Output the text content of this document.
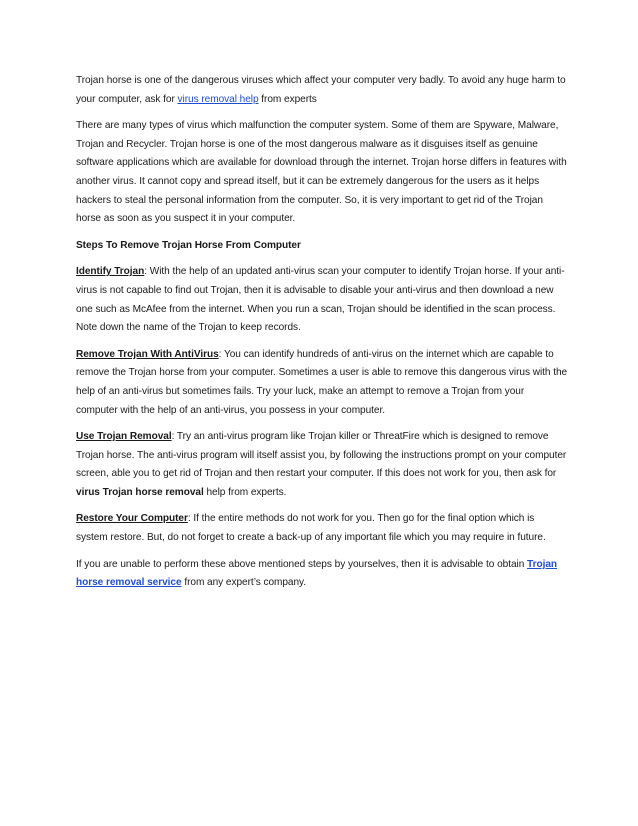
Trojan horse is one of the dangerous viruses which affect your computer very badly. To avoid any huge harm to your computer, ask for virus removal help from experts

There are many types of virus which malfunction the computer system. Some of them are Spyware, Malware, Trojan and Recycler. Trojan horse is one of the most dangerous malware as it disguises itself as genuine software applications which are available for download through the internet. Trojan horse differs in features with another virus. It cannot copy and spread itself, but it can be extremely dangerous for the users as it helps hackers to steal the personal information from the computer. So, it is very important to get rid of the Trojan horse as soon as you suspect it in your computer.

Steps To Remove Trojan Horse From Computer

Identify Trojan: With the help of an updated anti-virus scan your computer to identify Trojan horse. If your anti-virus is not capable to find out Trojan, then it is advisable to disable your anti-virus and then download a new one such as McAfee from the internet. When you run a scan, Trojan should be identified in the scan process. Note down the name of the Trojan to keep records.

Remove Trojan With AntiVirus: You can identify hundreds of anti-virus on the internet which are capable to remove the Trojan horse from your computer. Sometimes a user is able to remove this dangerous virus with the help of an anti-virus but sometimes fails. Try your luck, make an attempt to remove a Trojan from your computer with the help of an anti-virus, you possess in your computer.

Use Trojan Removal: Try an anti-virus program like Trojan killer or ThreatFire which is designed to remove Trojan horse. The anti-virus program will itself assist you, by following the instructions prompt on your computer screen, able you to get rid of Trojan and then restart your computer. If this does not work for you, then ask for virus Trojan horse removal help from experts.

Restore Your Computer: If the entire methods do not work for you. Then go for the final option which is system restore. But, do not forget to create a back-up of any important file which you may require in future.

If you are unable to perform these above mentioned steps by yourselves, then it is advisable to obtain Trojan horse removal service from any expert’s company.
